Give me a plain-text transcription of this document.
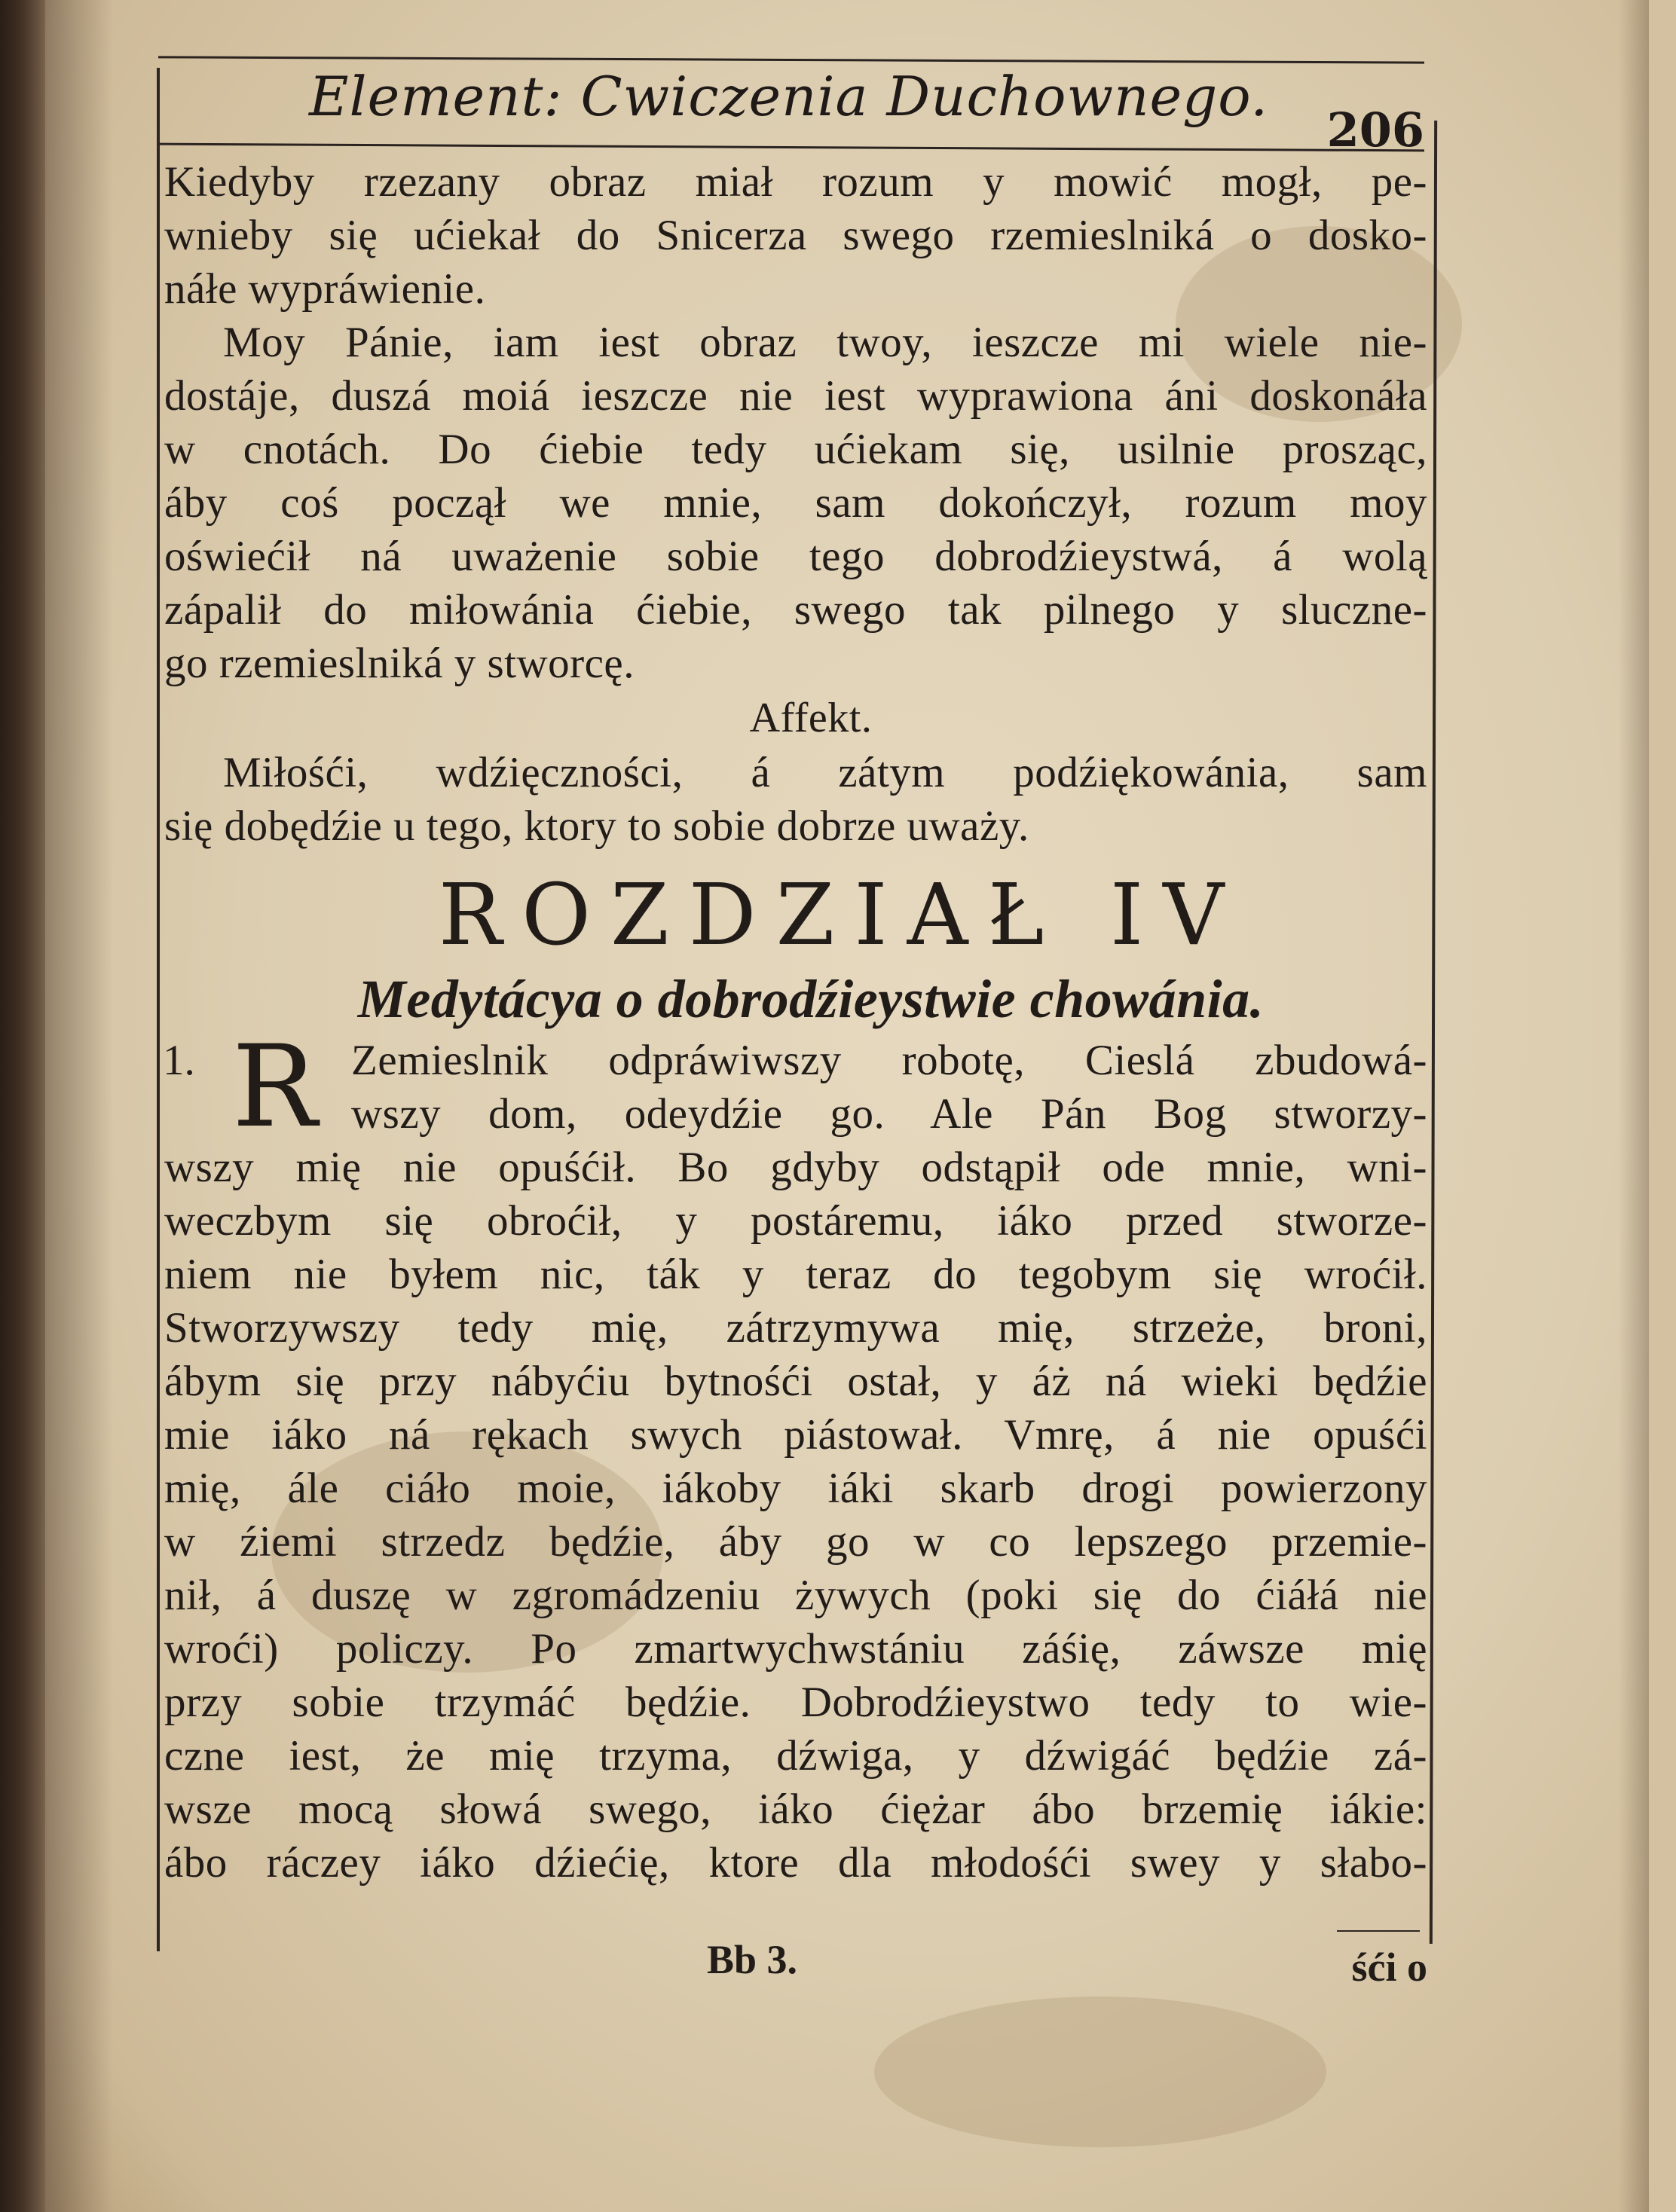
Element: Cwiczenia Duchownego.
206
Kiedyby rzezany obraz miał rozum y mowić mogł, pe-
wnieby się ućiekał do Snicerza swego rzemieslniká o dosko-
náłe wypráwienie.
Moy Pánie, iam iest obraz twoy, ieszcze mi wiele nie-
dostáje, duszá moiá ieszcze nie iest wyprawiona áni doskonáła
w cnotách. Do ćiebie tedy ućiekam się, usilnie prosząc,
áby coś począł we mnie, sam dokończył, rozum moy
oświećił ná uważenie sobie tego dobrodźieystwá, á wolą
zápalił do miłowánia ćiebie, swego tak pilnego y sluczne-
go rzemieslniká y stworcę.
Affekt.
Miłośći, wdźięczności, á zátym podźiękowánia, sam
się dobędźie u tego, ktory to sobie dobrze uważy.
ROZDZIAŁ IV
Medytácya o dobrodźieystwie chowánia.
1. R Zemieslnik odpráwiwszy robotę, Cieslá zbudowá-
wszy dom, odeydźie go. Ale Pán Bog stworzy-
wszy mię nie opuśćił. Bo gdyby odstąpił ode mnie, wni-
weczbym się obroćił, y postáremu, iáko przed stworze-
niem nie byłem nic, ták y teraz do tegobym się wroćił.
Stworzywszy tedy mię, zátrzymywa mię, strzeże, broni,
ábym się przy nábyćiu bytnośći ostał, y áż ná wieki będźie
mie iáko ná rękach swych piástował. Vmrę, á nie opuśći
mię, ále ciáło moie, iákoby iáki skarb drogi powierzony
w źiemi strzedz będźie, áby go w co lepszego przemie-
nił, á duszę w zgromádzeniu żywych (poki się do ćiáłá nie
wroći) policzy. Po zmartwychwstániu záśię, záwsze mię
przy sobie trzymáć będźie. Dobrodźieystwo tedy to wie-
czne iest, że mię trzyma, dźwiga, y dźwigáć będźie zá-
wsze mocą słowá swego, iáko ćiężar ábo brzemię iákie:
ábo ráczey iáko dźiećię, ktore dla młodośći swey y słabo-
Bb 3.	śći o
